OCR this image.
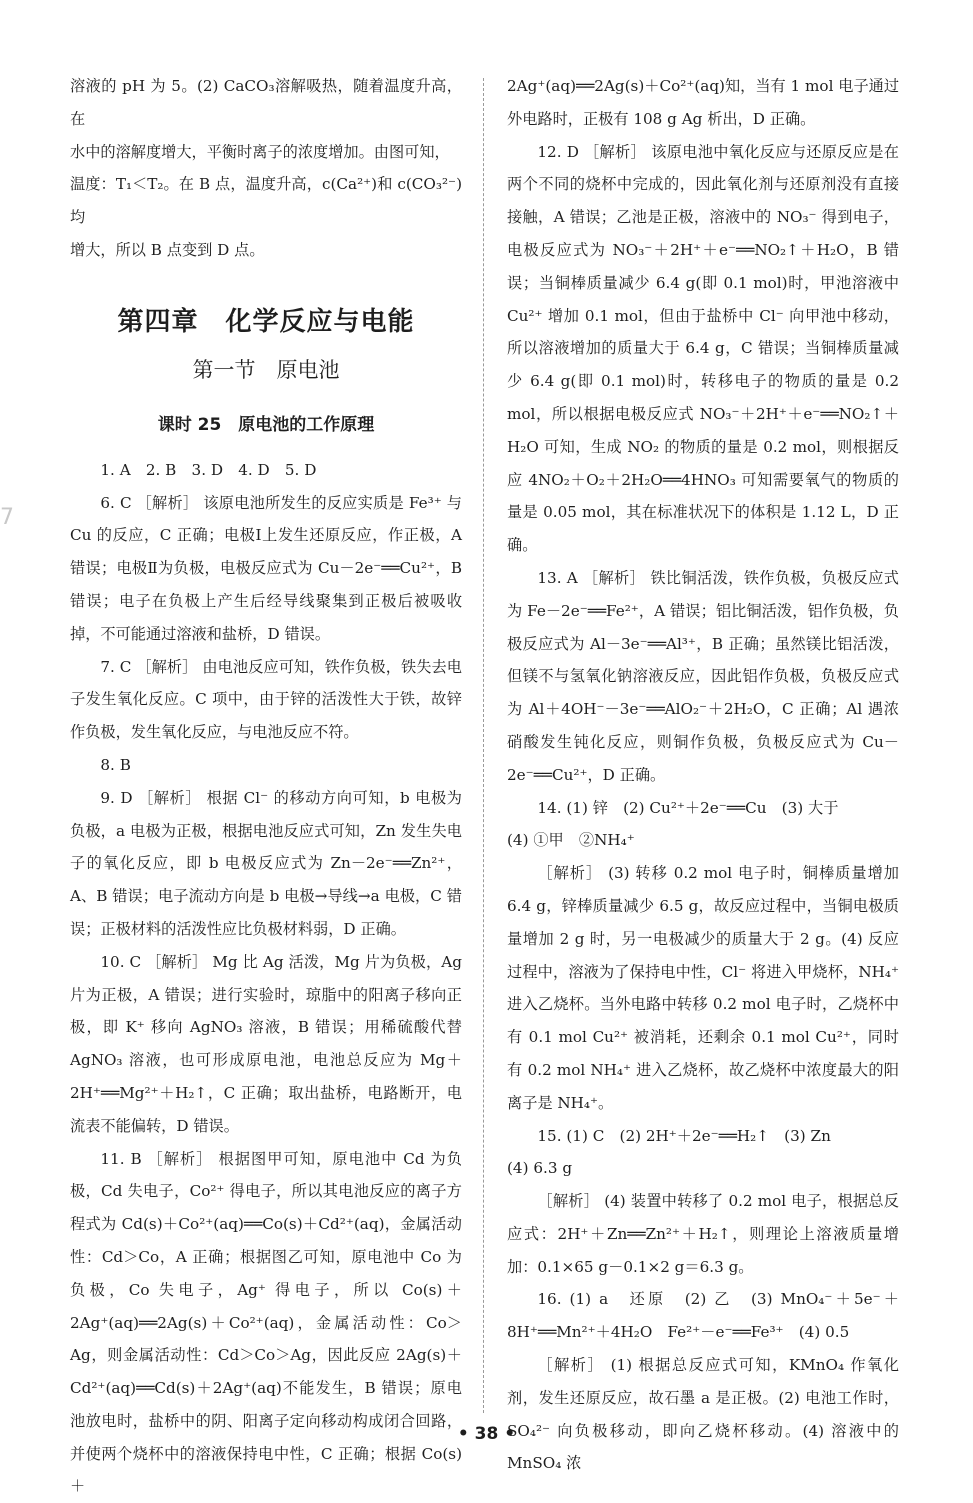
7

溶液的 pH 为 5。(2) CaCO₃溶解吸热，随着温度升高，在

水中的溶解度增大，平衡时离子的浓度增加。由图可知，

温度：T₁＜T₂。在 B 点，温度升高，c(Ca²⁺)和 c(CO₃²⁻)均

增大，所以 B 点变到 D 点。

第四章　化学反应与电能
第一节　原电池
课时 25　原电池的工作原理

1. A　2. B　3. D　4. D　5. D

6. C ［解析］ 该原电池所发生的反应实质是 Fe³⁺ 与 Cu 的反应，C 正确；电极Ⅰ上发生还原反应，作正极，A 错误；电极Ⅱ为负极，电极反应式为 Cu－2e⁻══Cu²⁺，B 错误；电子在负极上产生后经导线聚集到正极后被吸收掉，不可能通过溶液和盐桥，D 错误。

7. C ［解析］ 由电池反应可知，铁作负极，铁失去电子发生氧化反应。C 项中，由于锌的活泼性大于铁，故锌作负极，发生氧化反应，与电池反应不符。

8. B

9. D ［解析］ 根据 Cl⁻ 的移动方向可知，b 电极为负极，a 电极为正极，根据电池反应式可知，Zn 发生失电子的氧化反应，即 b 电极反应式为 Zn－2e⁻══Zn²⁺，A、B 错误；电子流动方向是 b 电极→导线→a 电极，C 错误；正极材料的活泼性应比负极材料弱，D 正确。

10. C ［解析］ Mg 比 Ag 活泼，Mg 片为负极，Ag 片为正极，A 错误；进行实验时，琼脂中的阳离子移向正极，即 K⁺ 移向 AgNO₃ 溶液，B 错误；用稀硫酸代替 AgNO₃ 溶液，也可形成原电池，电池总反应为 Mg＋2H⁺══Mg²⁺＋H₂↑，C 正确；取出盐桥，电路断开，电流表不能偏转，D 错误。

11. B ［解析］ 根据图甲可知，原电池中 Cd 为负极，Cd 失电子，Co²⁺ 得电子，所以其电池反应的离子方程式为 Cd(s)＋Co²⁺(aq)══Co(s)＋Cd²⁺(aq)，金属活动性：Cd＞Co，A 正确；根据图乙可知，原电池中 Co 为负极，Co 失电子，Ag⁺ 得电子，所以 Co(s)＋2Ag⁺(aq)══2Ag(s)＋Co²⁺(aq)，金属活动性：Co＞Ag，则金属活动性：Cd＞Co＞Ag，因此反应 2Ag(s)＋Cd²⁺(aq)══Cd(s)＋2Ag⁺(aq)不能发生，B 错误；原电池放电时，盐桥中的阴、阳离子定向移动构成闭合回路，并使两个烧杯中的溶液保持电中性，C 正确；根据 Co(s)＋

2Ag⁺(aq)══2Ag(s)＋Co²⁺(aq)知，当有 1 mol 电子通过外电路时，正极有 108 g Ag 析出，D 正确。

12. D ［解析］ 该原电池中氧化反应与还原反应是在两个不同的烧杯中完成的，因此氧化剂与还原剂没有直接接触，A 错误；乙池是正极，溶液中的 NO₃⁻ 得到电子，电极反应式为 NO₃⁻＋2H⁺＋e⁻══NO₂↑＋H₂O，B 错误；当铜棒质量减少 6.4 g(即 0.1 mol)时，甲池溶液中 Cu²⁺ 增加 0.1 mol，但由于盐桥中 Cl⁻ 向甲池中移动，所以溶液增加的质量大于 6.4 g，C 错误；当铜棒质量减少 6.4 g(即 0.1 mol)时，转移电子的物质的量是 0.2 mol，所以根据电极反应式 NO₃⁻＋2H⁺＋e⁻══NO₂↑＋H₂O 可知，生成 NO₂ 的物质的量是 0.2 mol，则根据反应 4NO₂＋O₂＋2H₂O══4HNO₃ 可知需要氧气的物质的量是 0.05 mol，其在标准状况下的体积是 1.12 L，D 正确。

13. A ［解析］ 铁比铜活泼，铁作负极，负极反应式为 Fe－2e⁻══Fe²⁺，A 错误；铝比铜活泼，铝作负极，负极反应式为 Al－3e⁻══Al³⁺，B 正确；虽然镁比铝活泼，但镁不与氢氧化钠溶液反应，因此铝作负极，负极反应式为 Al＋4OH⁻－3e⁻══AlO₂⁻＋2H₂O，C 正确；Al 遇浓硝酸发生钝化反应，则铜作负极，负极反应式为 Cu－2e⁻══Cu²⁺，D 正确。

14. (1) 锌　(2) Cu²⁺＋2e⁻══Cu　(3) 大于

(4) ①甲　②NH₄⁺

［解析］ (3) 转移 0.2 mol 电子时，铜棒质量增加 6.4 g，锌棒质量减少 6.5 g，故反应过程中，当铜电极质量增加 2 g 时，另一电极减少的质量大于 2 g。(4) 反应过程中，溶液为了保持电中性，Cl⁻ 将进入甲烧杯，NH₄⁺ 进入乙烧杯。当外电路中转移 0.2 mol 电子时，乙烧杯中有 0.1 mol Cu²⁺ 被消耗，还剩余 0.1 mol Cu²⁺，同时有 0.2 mol NH₄⁺ 进入乙烧杯，故乙烧杯中浓度最大的阳离子是 NH₄⁺。

15. (1) C　(2) 2H⁺＋2e⁻══H₂↑　(3) Zn

(4) 6.3 g

［解析］ (4) 装置中转移了 0.2 mol 电子，根据总反应式：2H⁺＋Zn══Zn²⁺＋H₂↑，则理论上溶液质量增加：0.1×65 g－0.1×2 g＝6.3 g。

16. (1) a　还原　(2) 乙　(3) MnO₄⁻＋5e⁻＋8H⁺══Mn²⁺＋4H₂O　Fe²⁺－e⁻══Fe³⁺　(4) 0.5

［解析］ (1) 根据总反应式可知，KMnO₄ 作氧化剂，发生还原反应，故石墨 a 是正极。(2) 电池工作时，SO₄²⁻ 向负极移动，即向乙烧杯移动。(4) 溶液中的 MnSO₄ 浓

• 38 •
